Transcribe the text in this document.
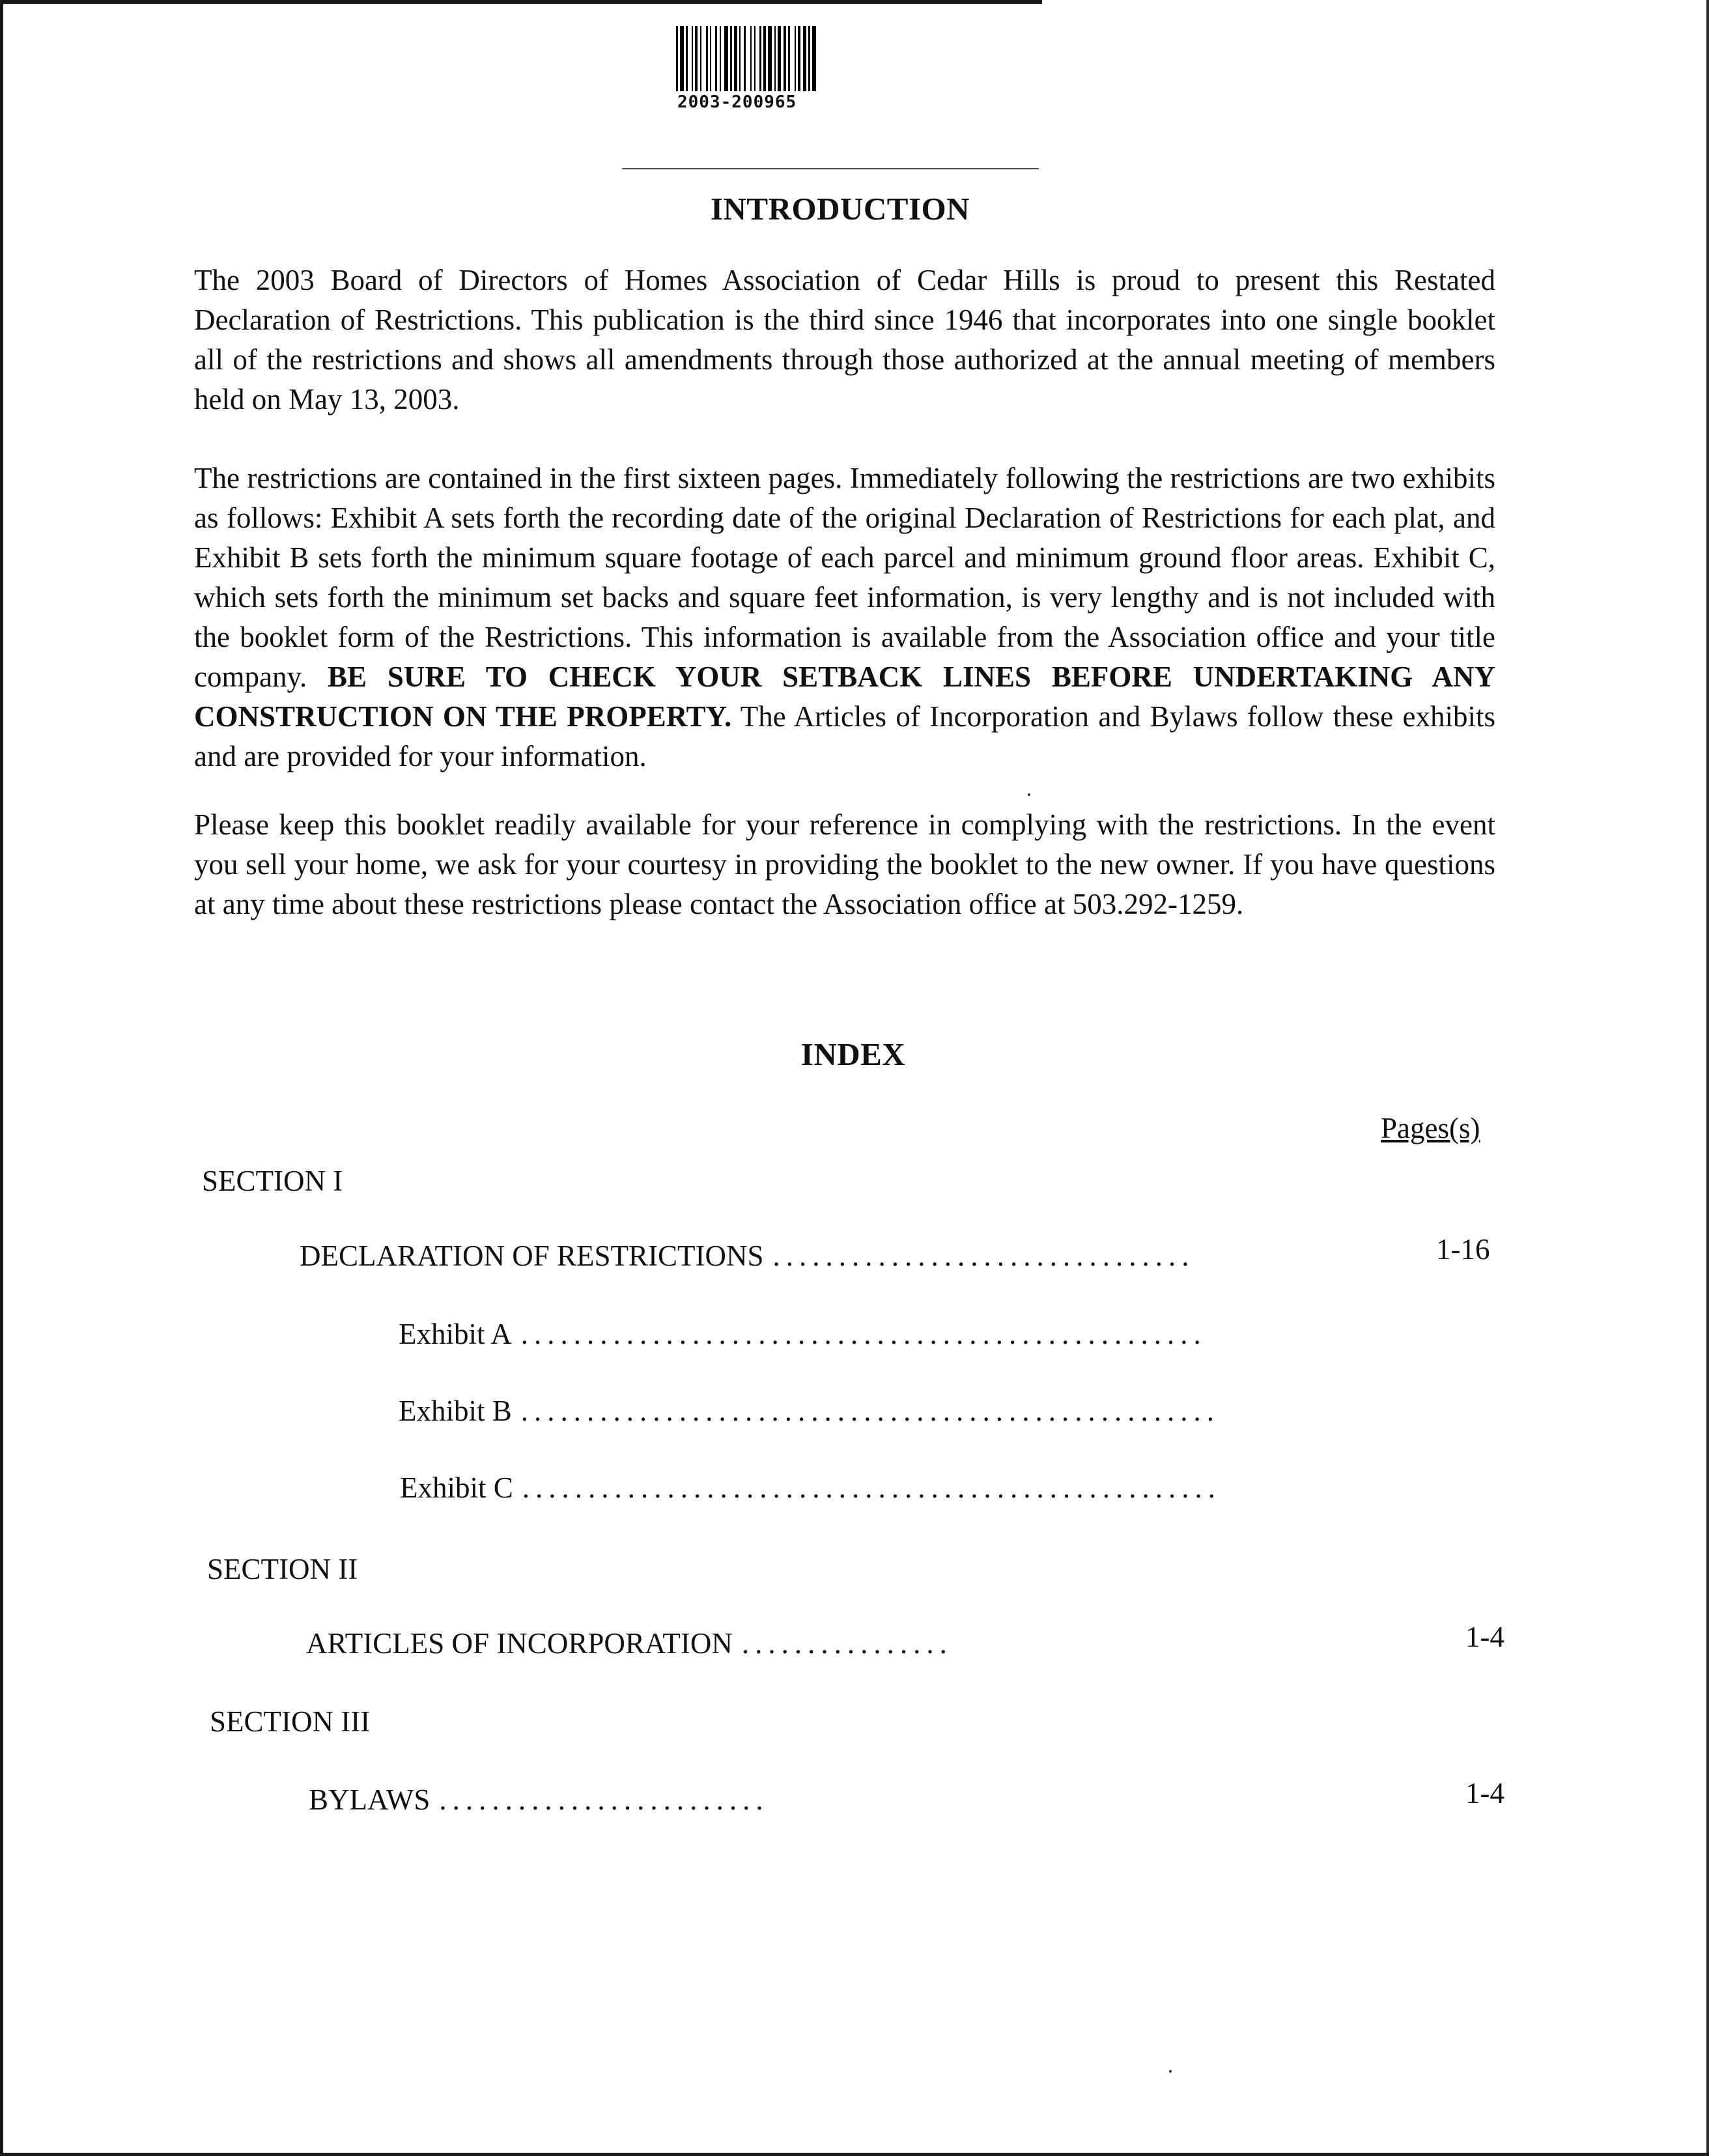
2003-200965
INTRODUCTION
The 2003 Board of Directors of Homes Association of Cedar Hills is proud to present this Restated Declaration of Restrictions. This publication is the third since 1946 that incorporates into one single booklet all of the restrictions and shows all amendments through those authorized at the annual meeting of members held on May 13, 2003.
The restrictions are contained in the first sixteen pages. Immediately following the restrictions are two exhibits as follows: Exhibit A sets forth the recording date of the original Declaration of Restrictions for each plat, and Exhibit B sets forth the minimum square footage of each parcel and minimum ground floor areas. Exhibit C, which sets forth the minimum set backs and square feet information, is very lengthy and is not included with the booklet form of the Restrictions. This information is available from the Association office and your title company. BE SURE TO CHECK YOUR SETBACK LINES BEFORE UNDERTAKING ANY CONSTRUCTION ON THE PROPERTY. The Articles of Incorporation and Bylaws follow these exhibits and are provided for your information.
Please keep this booklet readily available for your reference in complying with the restrictions. In the event you sell your home, we ask for your courtesy in providing the booklet to the new owner. If you have questions at any time about these restrictions please contact the Association office at 503.292-1259.
INDEX
Pages(s)
SECTION I
DECLARATION OF RESTRICTIONS ................................	1-16
Exhibit A ....................................................
Exhibit B .....................................................
Exhibit C .....................................................
SECTION II
ARTICLES OF INCORPORATION ................	1-4
SECTION III
BYLAWS .........................	1-4
